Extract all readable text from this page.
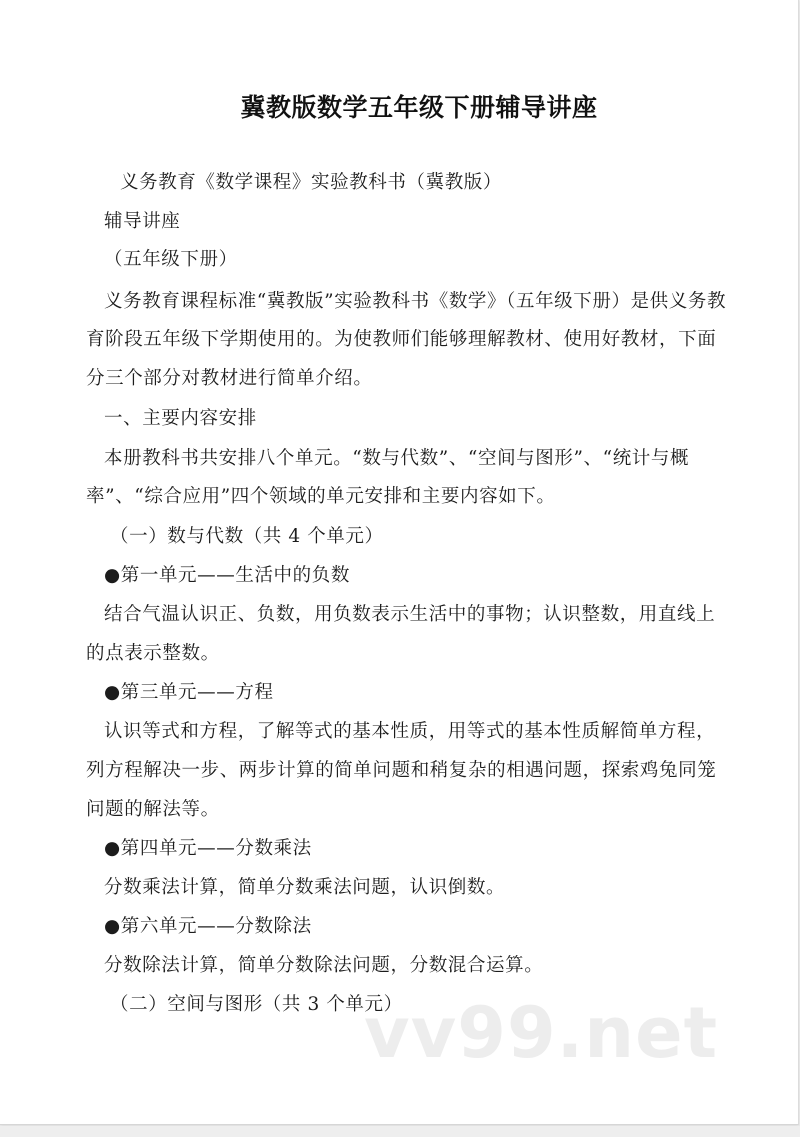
冀教版数学五年级下册辅导讲座
义务教育《数学课程》实验教科书（冀教版）
辅导讲座
（五年级下册）
义务教育课程标准“冀教版”实验教科书《数学》（五年级下册）是供义务教
育阶段五年级下学期使用的。为使教师们能够理解教材、使用好教材，下面
分三个部分对教材进行简单介绍。
一、主要内容安排
本册教科书共安排八个单元。“数与代数”、“空间与图形”、“统计与概
率”、“综合应用”四个领域的单元安排和主要内容如下。
（一）数与代数（共 4 个单元）
●第一单元——生活中的负数
结合气温认识正、负数，用负数表示生活中的事物；认识整数，用直线上
的点表示整数。
●第三单元——方程
认识等式和方程，了解等式的基本性质，用等式的基本性质解简单方程，
列方程解决一步、两步计算的简单问题和稍复杂的相遇问题，探索鸡兔同笼
问题的解法等。
●第四单元——分数乘法
分数乘法计算，简单分数乘法问题，认识倒数。
●第六单元——分数除法
分数除法计算，简单分数除法问题，分数混合运算。
（二）空间与图形（共 3 个单元）
vv99.net
